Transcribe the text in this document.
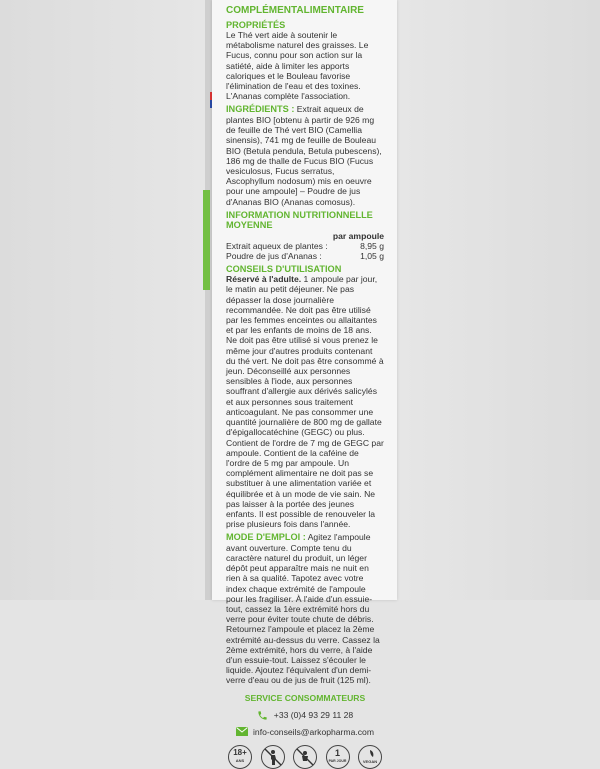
COMPLÉMENTALIMENTAIRE
PROPRIÉTÉS

Le Thé vert aide à soutenir le métabolisme naturel des graisses. Le Fucus, connu pour son action sur la satiété, aide à limiter les apports caloriques et le Bouleau favorise l'élimination de l'eau et des toxines. L'Ananas complète l'association.

INGRÉDIENTS : Extrait aqueux de plantes BIO [obtenu à partir de 926 mg de feuille de Thé vert BIO (Camellia sinensis), 741 mg de feuille de Bouleau BIO (Betula pendula, Betula pubescens), 186 mg de thalle de Fucus BIO (Fucus vesiculosus, Fucus serratus, Ascophyllum nodosum) mis en oeuvre pour une ampoule] – Poudre de jus d'Ananas BIO (Ananas comosus).

INFORMATION NUTRITIONNELLE MOYENNE
	par ampoule
Extrait aqueux de plantes :	8,95 g
Poudre de jus d'Ananas :	1,05 g
CONSEILS D'UTILISATION

Réservé à l'adulte. 1 ampoule par jour, le matin au petit déjeuner. Ne pas dépasser la dose journalière recommandée. Ne doit pas être utilisé par les femmes enceintes ou allaitantes et par les enfants de moins de 18 ans. Ne doit pas être utilisé si vous prenez le même jour d'autres produits contenant du thé vert. Ne doit pas être consommé à jeun. Déconseillé aux personnes sensibles à l'iode, aux personnes souffrant d'allergie aux dérivés salicylés et aux personnes sous traitement anticoagulant. Ne pas consommer une quantité journalière de 800 mg de gallate d'épigallocatéchine (GEGC) ou plus. Contient de l'ordre de 7 mg de GEGC par ampoule. Contient de la caféine de l'ordre de 5 mg par ampoule. Un complément alimentaire ne doit pas se substituer à une alimentation variée et équilibrée et à un mode de vie sain. Ne pas laisser à la portée des jeunes enfants. Il est possible de renouveler la prise plusieurs fois dans l'année.

MODE D'EMPLOI : Agitez l'ampoule avant ouverture. Compte tenu du caractère naturel du produit, un léger dépôt peut apparaître mais ne nuit en rien à sa qualité. Tapotez avec votre index chaque extrémité de l'ampoule pour les fragiliser. À l'aide d'un essuie-tout, cassez la 1ère extrémité hors du verre pour éviter toute chute de débris. Retournez l'ampoule et placez la 2ème extrémité au-dessus du verre. Cassez la 2ème extrémité, hors du verre, à l'aide d'un essuie-tout. Laissez s'écouler le liquide. Ajoutez l'équivalent d'un demi-verre d'eau ou de jus de fruit (125 ml).

SERVICE CONSOMMATEURS
+33 (0)4 93 29 11 28
info-conseils@arkopharma.com
18+
ANS
1
PAR JOUR	VEGAN
